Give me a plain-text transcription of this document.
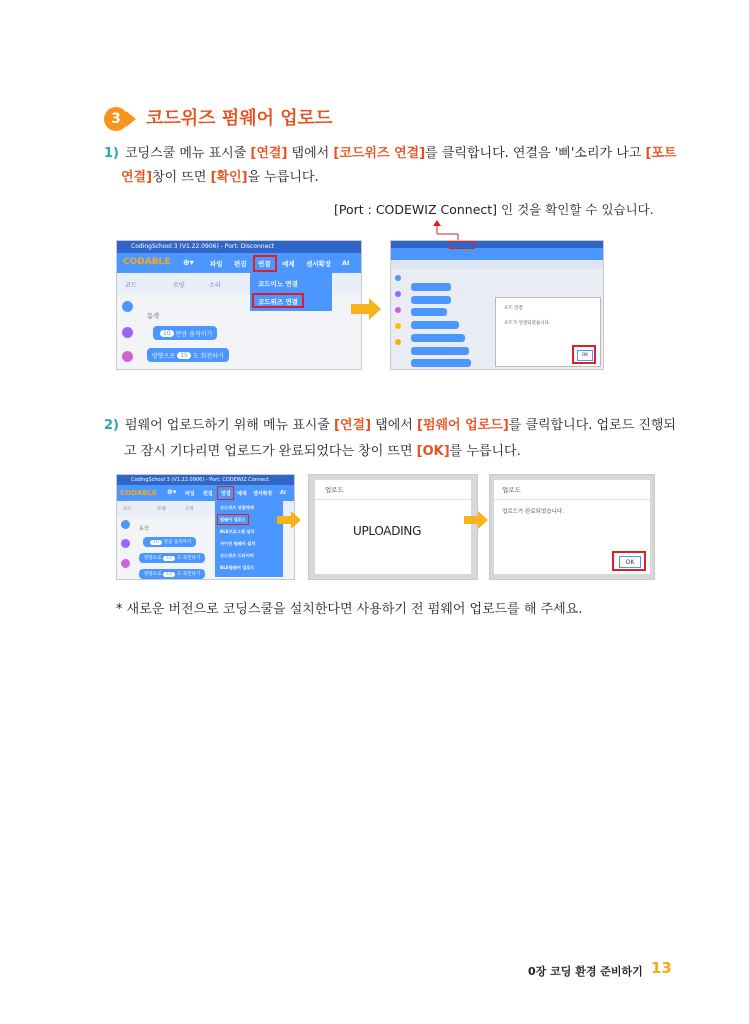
3 코드위즈 펌웨어 업로드
1) 코딩스쿨 메뉴 표시줄 [연결] 탭에서 [코드위즈 연결]를 클릭합니다. 연결음 '삐'소리가 나고 [포트
연결]창이 뜨면 [확인]을 누릅니다.
[Port : CODEWIZ Connect] 인 것을 확인할 수 있습니다.
CodingSchool 3 (V1.22.0906) - Port: Disconnect
CODABLE ⊕▾	파일 편집 연결 예제 센서확장 AI
코드	모양	소리	코드이노 연결
코드위즈 연결
동작
10 만큼 움직이기
방향으로 15 도 회전하기
포트 연결
포트가 연결되었습니다.
OK
2) 펌웨어 업로드하기 위해 메뉴 표시줄 [연결] 탭에서 [펌웨어 업로드]를 클릭합니다. 업로드 진행되
고 잠시 기다리면 업로드가 완료되었다는 창이 뜨면 [OK]를 누릅니다.
CodingSchool 3 (V1.22.0906) - Port: CODEWIZ Connect
CODABLE ⊕▾ 파일 편집 연결 예제 센서확장 AI
코드	모양	소리	코드위즈 연결해제
펌웨어 업로드
BLE프로그램 설치
자이언 펌웨어 설치
코드위즈 드라이버
BLE펌웨어 업로드
동작
10	만큼 움직이기
방향으로	15	도 회전하기
방향으로	15	도 회전하기
업로드
UPLOADING
업로드
업로드가 완료되었습니다.
OK
* 새로운 버전으로 코딩스쿨을 설치한다면 사용하기 전 펌웨어 업로드를 해 주세요.
0장 코딩 환경 준비하기 13
